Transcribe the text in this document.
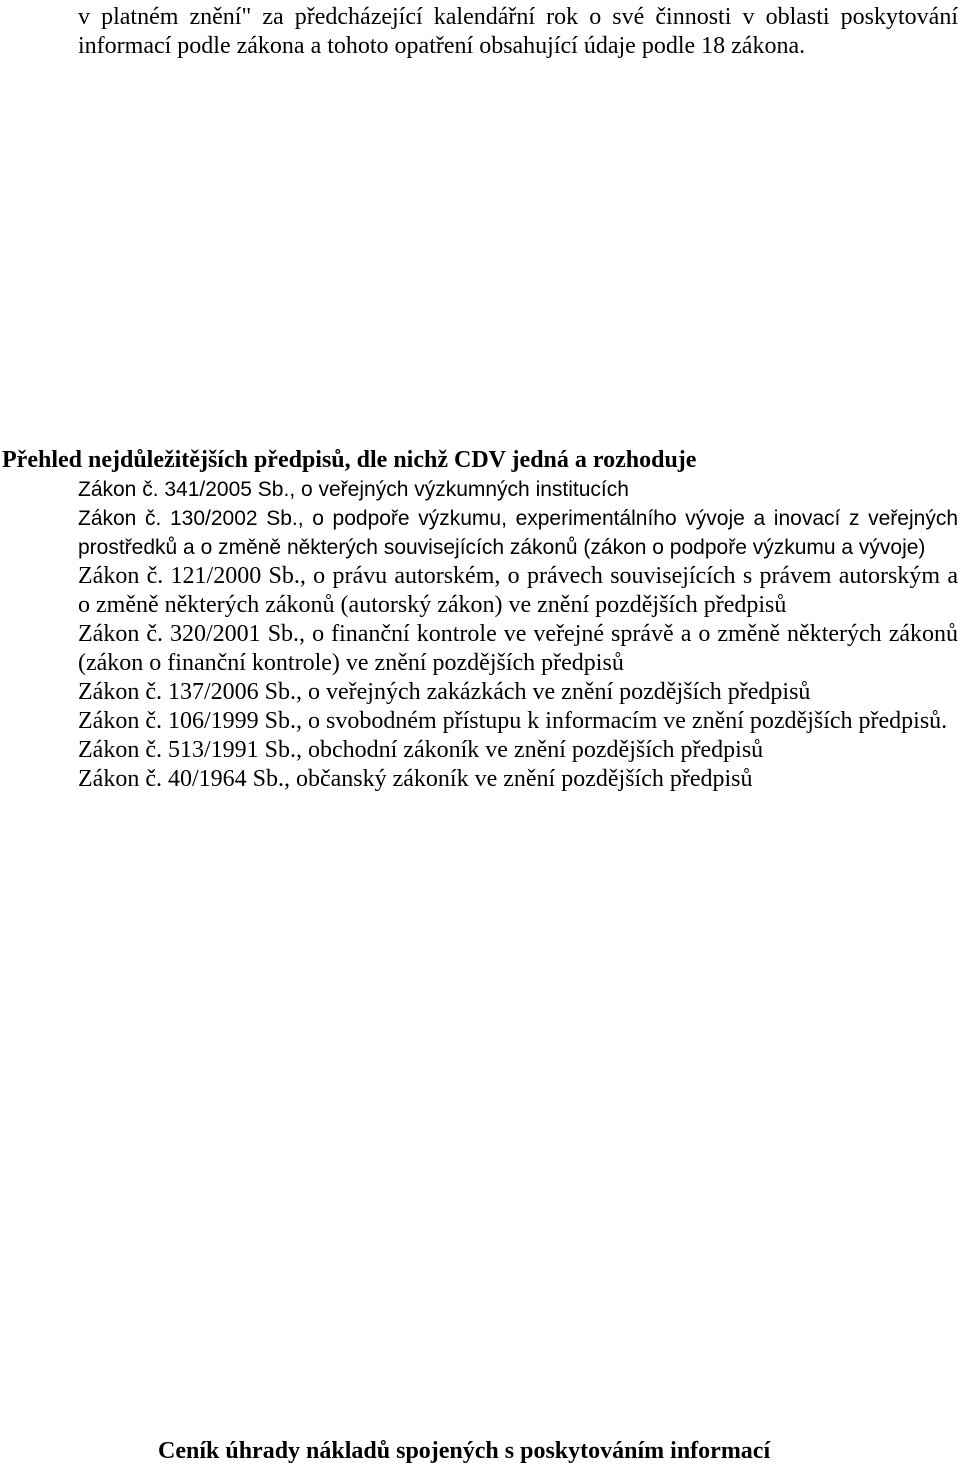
v platném znění" za předcházející kalendářní rok o své činnosti v oblasti poskytování informací podle zákona a tohoto opatření obsahující údaje podle 18 zákona.

Přehled nejdůležitějších předpisů, dle nichž CDV jedná a rozhoduje
Zákon č. 341/2005 Sb., o veřejných výzkumných institucích
Zákon č. 130/2002 Sb., o podpoře výzkumu, experimentálního vývoje a inovací z veřejných prostředků a o změně některých souvisejících zákonů (zákon o podpoře výzkumu a vývoje)
Zákon č. 121/2000 Sb., o právu autorském, o právech souvisejících s právem autorským a o změně některých zákonů (autorský zákon) ve znění pozdějších předpisů
Zákon č. 320/2001 Sb., o finanční kontrole ve veřejné správě a o změně některých zákonů (zákon o finanční kontrole) ve znění pozdějších předpisů
Zákon č. 137/2006 Sb., o veřejných zakázkách ve znění pozdějších předpisů
Zákon č. 106/1999 Sb., o svobodném přístupu k informacím ve znění pozdějších předpisů.
Zákon č. 513/1991 Sb., obchodní zákoník ve znění pozdějších předpisů
Zákon č. 40/1964 Sb., občanský zákoník ve znění pozdějších předpisů
Ceník úhrady nákladů spojených s poskytováním informací
